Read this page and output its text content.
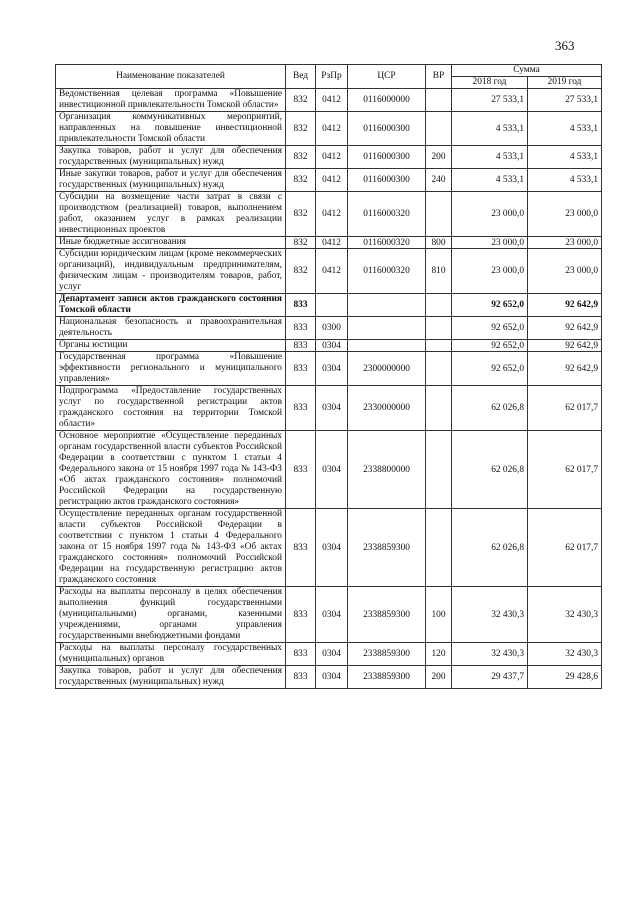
363
Наименование показателей	Вед	РзПр	ЦСР	ВР	Сумма	
					2018 год	2019 год
Ведомственная целевая программа «Повышение инвестиционной привлекательности Томской области»	832	0412	0116000000		27 533,1	27 533,1
Организация коммуникативных мероприятий, направленных на повышение инвестиционной привлекательности Томской области	832	0412	0116000300		4 533,1	4 533,1
Закупка товаров, работ и услуг для обеспечения государственных (муниципальных) нужд	832	0412	0116000300	200	4 533,1	4 533,1
Иные закупки товаров, работ и услуг для обеспечения государственных (муниципальных) нужд	832	0412	0116000300	240	4 533,1	4 533,1
Субсидии на возмещение части затрат в связи с производством (реализацией) товаров, выполнением работ, оказанием услуг в рамках реализации инвестиционных проектов	832	0412	0116000320		23 000,0	23 000,0
Иные бюджетные ассигнования	832	0412	0116000320	800	23 000,0	23 000,0
Субсидии юридическим лицам (кроме некоммерческих организаций), индивидуальным предпринимателям, физическим лицам - производителям товаров, работ, услуг	832	0412	0116000320	810	23 000,0	23 000,0
Департамент записи актов гражданского состояния Томской области	833				92 652,0	92 642,9
Национальная безопасность и правоохранительная деятельность	833	0300			92 652,0	92 642,9
Органы юстиции	833	0304			92 652,0	92 642,9
Государственная программа «Повышение эффективности регионального и муниципального управления»	833	0304	2300000000		92 652,0	92 642,9
Подпрограмма «Предоставление государственных услуг по государственной регистрации актов гражданского состояния на территории Томской области»	833	0304	2330000000		62 026,8	62 017,7
Основное мероприятие «Осуществление переданных органам государственной власти субъектов Российской Федерации в соответствии с пунктом 1 статьи 4 Федерального закона от 15 ноября 1997 года № 143-ФЗ «Об актах гражданского состояния» полномочий Российской Федерации на государственную регистрацию актов гражданского состояния»	833	0304	2338800000		62 026,8	62 017,7
Осуществление переданных органам государственной власти субъектов Российской Федерации в соответствии с пунктом 1 статьи 4 Федерального закона от 15 ноября 1997 года № 143-ФЗ «Об актах гражданского состояния» полномочий Российской Федерации на государственную регистрацию актов гражданского состояния	833	0304	2338859300		62 026,8	62 017,7
Расходы на выплаты персоналу в целях обеспечения выполнения функций государственными (муниципальными) органами, казенными учреждениями, органами управления государственными внебюджетными фондами	833	0304	2338859300	100	32 430,3	32 430,3
Расходы на выплаты персоналу государственных (муниципальных) органов	833	0304	2338859300	120	32 430,3	32 430,3
Закупка товаров, работ и услуг для обеспечения государственных (муниципальных) нужд	833	0304	2338859300	200	29 437,7	29 428,6
